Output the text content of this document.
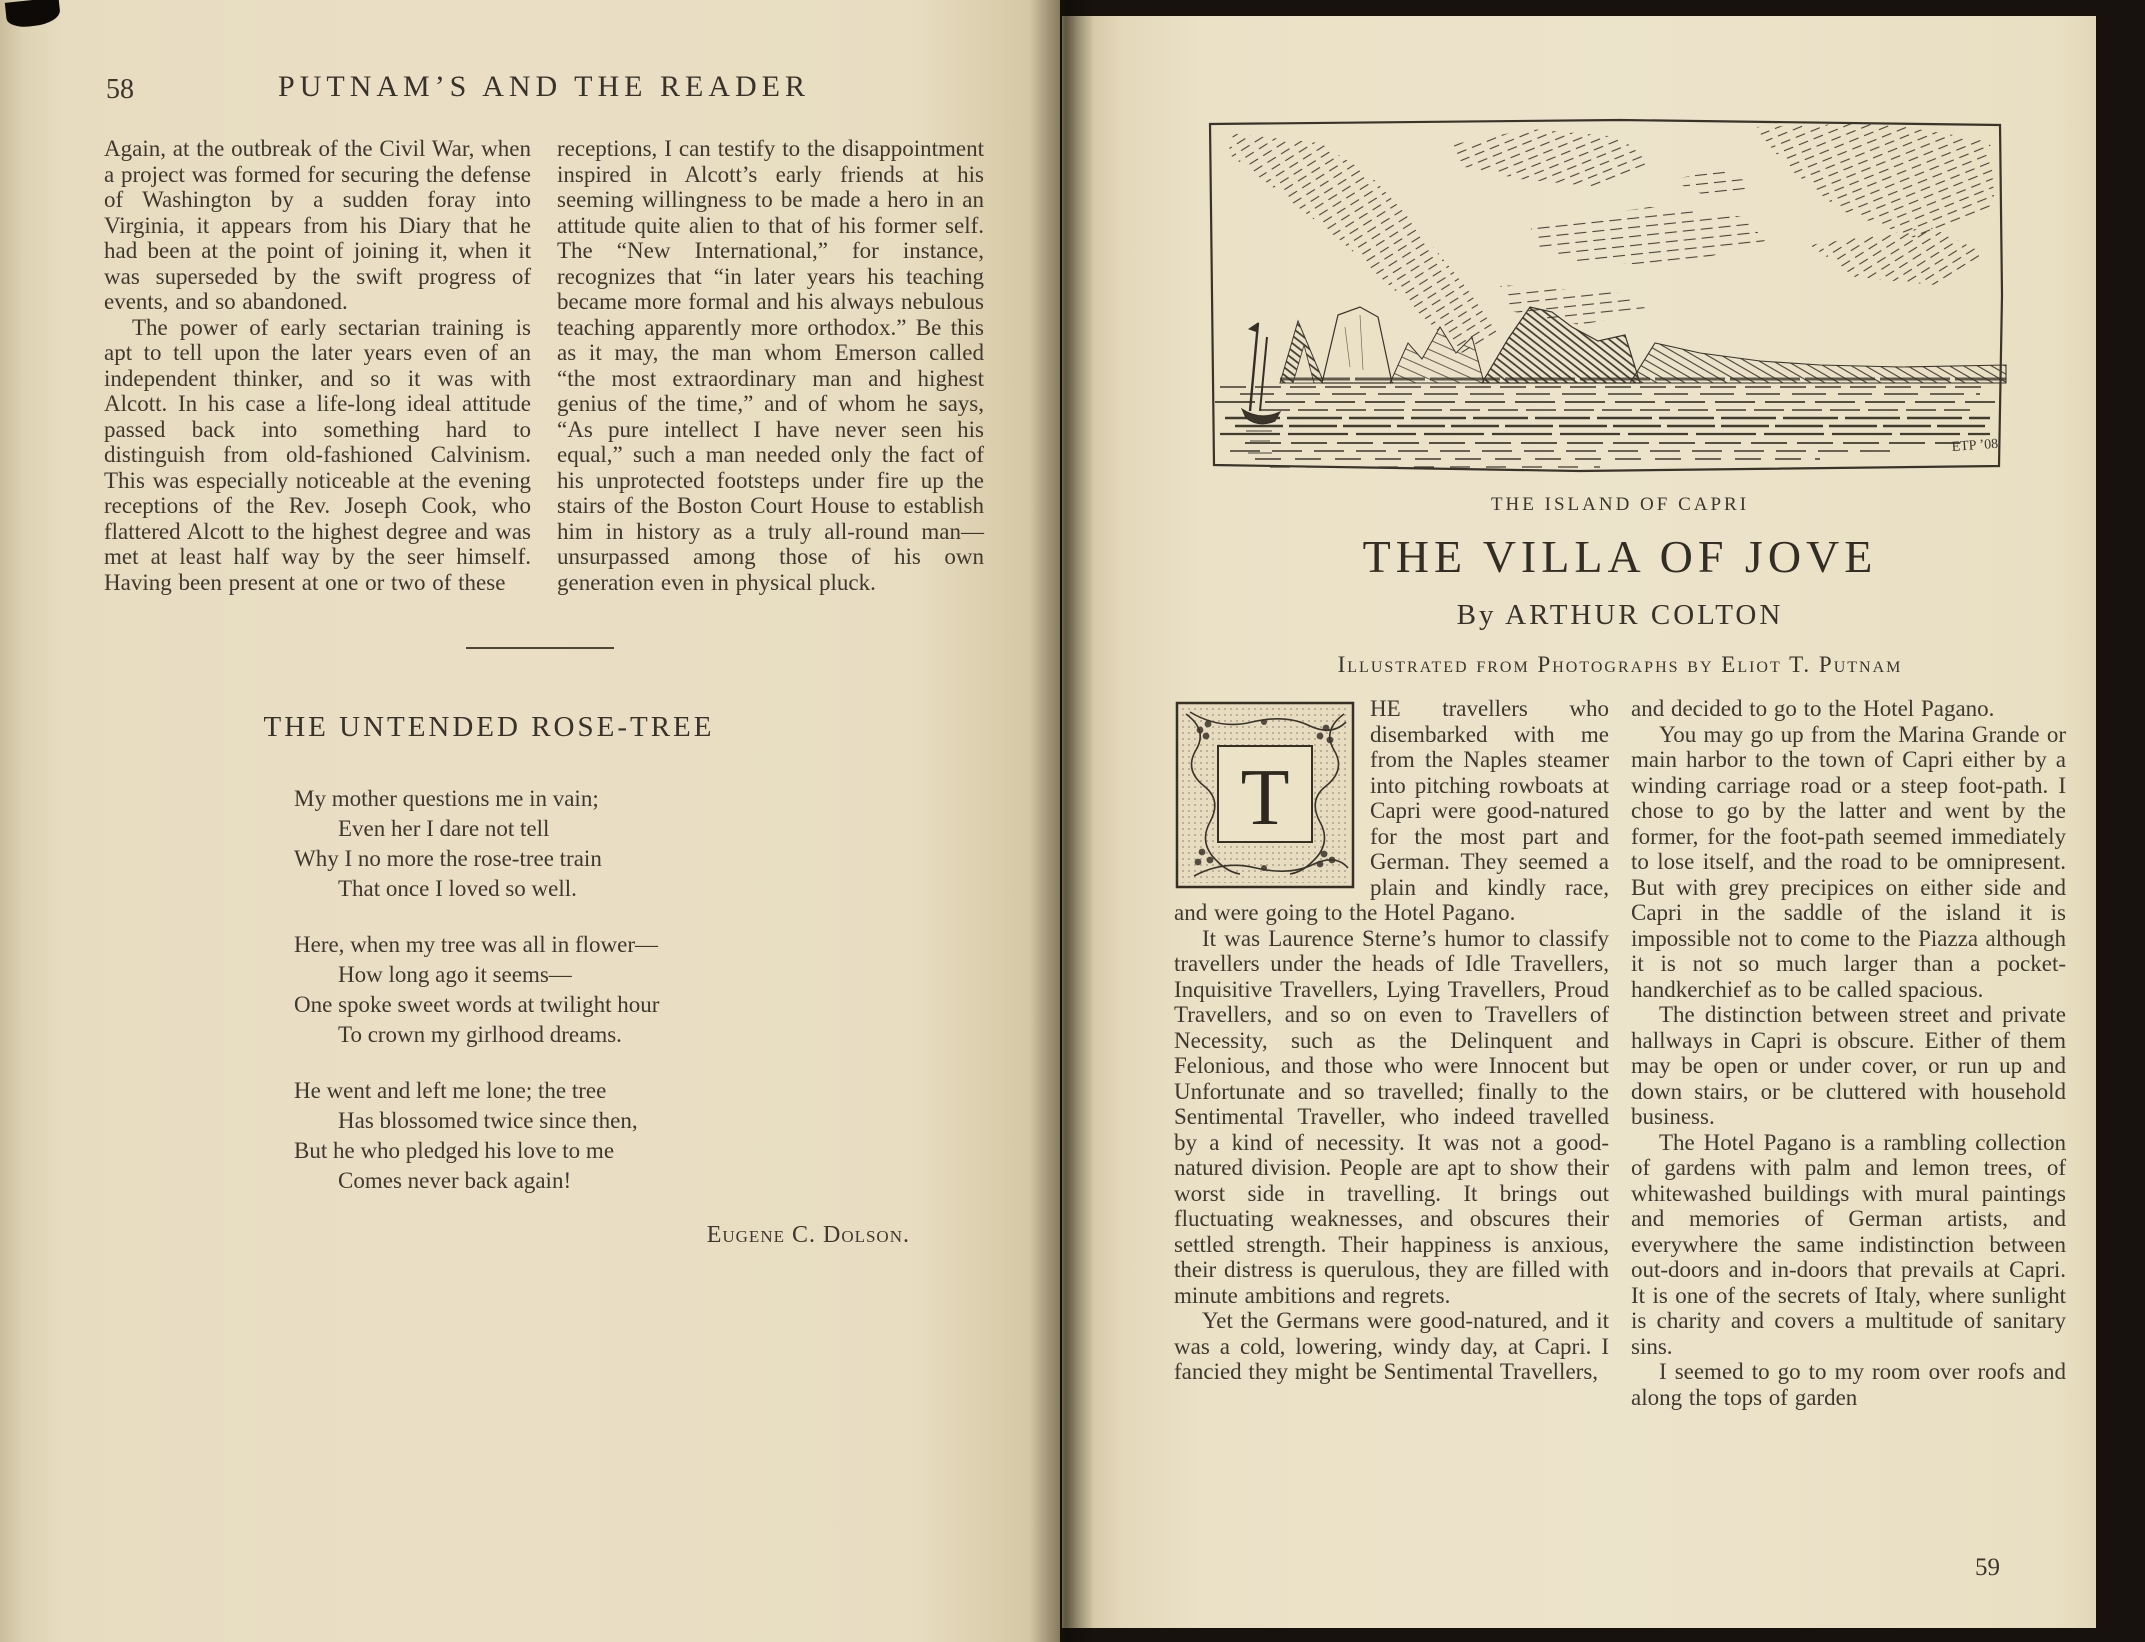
58	PUTNAM’S AND THE READER

Again, at the outbreak of the Civil War, when a project was formed for securing the defense of Washington by a sudden foray into Virginia, it appears from his Diary that he had been at the point of joining it, when it was superseded by the swift progress of events, and so abandoned.

The power of early sectarian training is apt to tell upon the later years even of an independent thinker, and so it was with Alcott. In his case a life-long ideal attitude passed back into something hard to distinguish from old-fashioned Calvinism. This was especially noticeable at the evening receptions of the Rev. Joseph Cook, who flattered Alcott to the highest degree and was met at least half way by the seer himself. Having been present at one or two of these

receptions, I can testify to the disappointment inspired in Alcott’s early friends at his seeming willingness to be made a hero in an attitude quite alien to that of his former self. The “New International,” for instance, recognizes that “in later years his teaching became more formal and his always nebulous teaching apparently more orthodox.” Be this as it may, the man whom Emerson called “the most extraordinary man and highest genius of the time,” and of whom he says, “As pure intellect I have never seen his equal,” such a man needed only the fact of his unprotected footsteps under fire up the stairs of the Boston Court House to establish him in history as a truly all-round man—unsurpassed among those of his own generation even in physical pluck.

THE UNTENDED ROSE-TREE
My mother questions me in vain;
Even her I dare not tell
Why I no more the rose-tree train
That once I loved so well.
Here, when my tree was all in flower—
How long ago it seems—
One spoke sweet words at twilight hour
To crown my girlhood dreams.
He went and left me lone; the tree
Has blossomed twice since then,
But he who pledged his love to me
Comes never back again!
Eugene C. Dolson.
ETP ’08
THE ISLAND OF CAPRI
THE VILLA OF JOVE
By ARTHUR COLTON
Illustrated from Photographs by Eliot T. Putnam
T

HE travellers who disembarked with me from the Naples steamer into pitching rowboats at Capri were good-natured for the most part and German. They seemed a plain and kindly race, and were going to the Hotel Pagano.

It was Laurence Sterne’s humor to classify travellers under the heads of Idle Travellers, Inquisitive Travellers, Lying Travellers, Proud Travellers, and so on even to Travellers of Necessity, such as the Delinquent and Felonious, and those who were Innocent but Unfortunate and so travelled; finally to the Sentimental Traveller, who indeed travelled by a kind of necessity. It was not a good-natured division. People are apt to show their worst side in travelling. It brings out fluctuating weaknesses, and obscures their settled strength. Their happiness is anxious, their distress is querulous, they are filled with minute ambitions and regrets.

Yet the Germans were good-natured, and it was a cold, lowering, windy day, at Capri. I fancied they might be Sentimental Travellers,

and decided to go to the Hotel Pagano.

You may go up from the Marina Grande or main harbor to the town of Capri either by a winding carriage road or a steep foot-path. I chose to go by the latter and went by the former, for the foot-path seemed immediately to lose itself, and the road to be omnipresent. But with grey precipices on either side and Capri in the saddle of the island it is impossible not to come to the Piazza although it is not so much larger than a pocket-handkerchief as to be called spacious.

The distinction between street and private hallways in Capri is obscure. Either of them may be open or under cover, or run up and down stairs, or be cluttered with household business.

The Hotel Pagano is a rambling collection of gardens with palm and lemon trees, of whitewashed buildings with mural paintings and memories of German artists, and everywhere the same indistinction between out-doors and in-doors that prevails at Capri. It is one of the secrets of Italy, where sunlight is charity and covers a multitude of sanitary sins.

I seemed to go to my room over roofs and along the tops of garden

59
